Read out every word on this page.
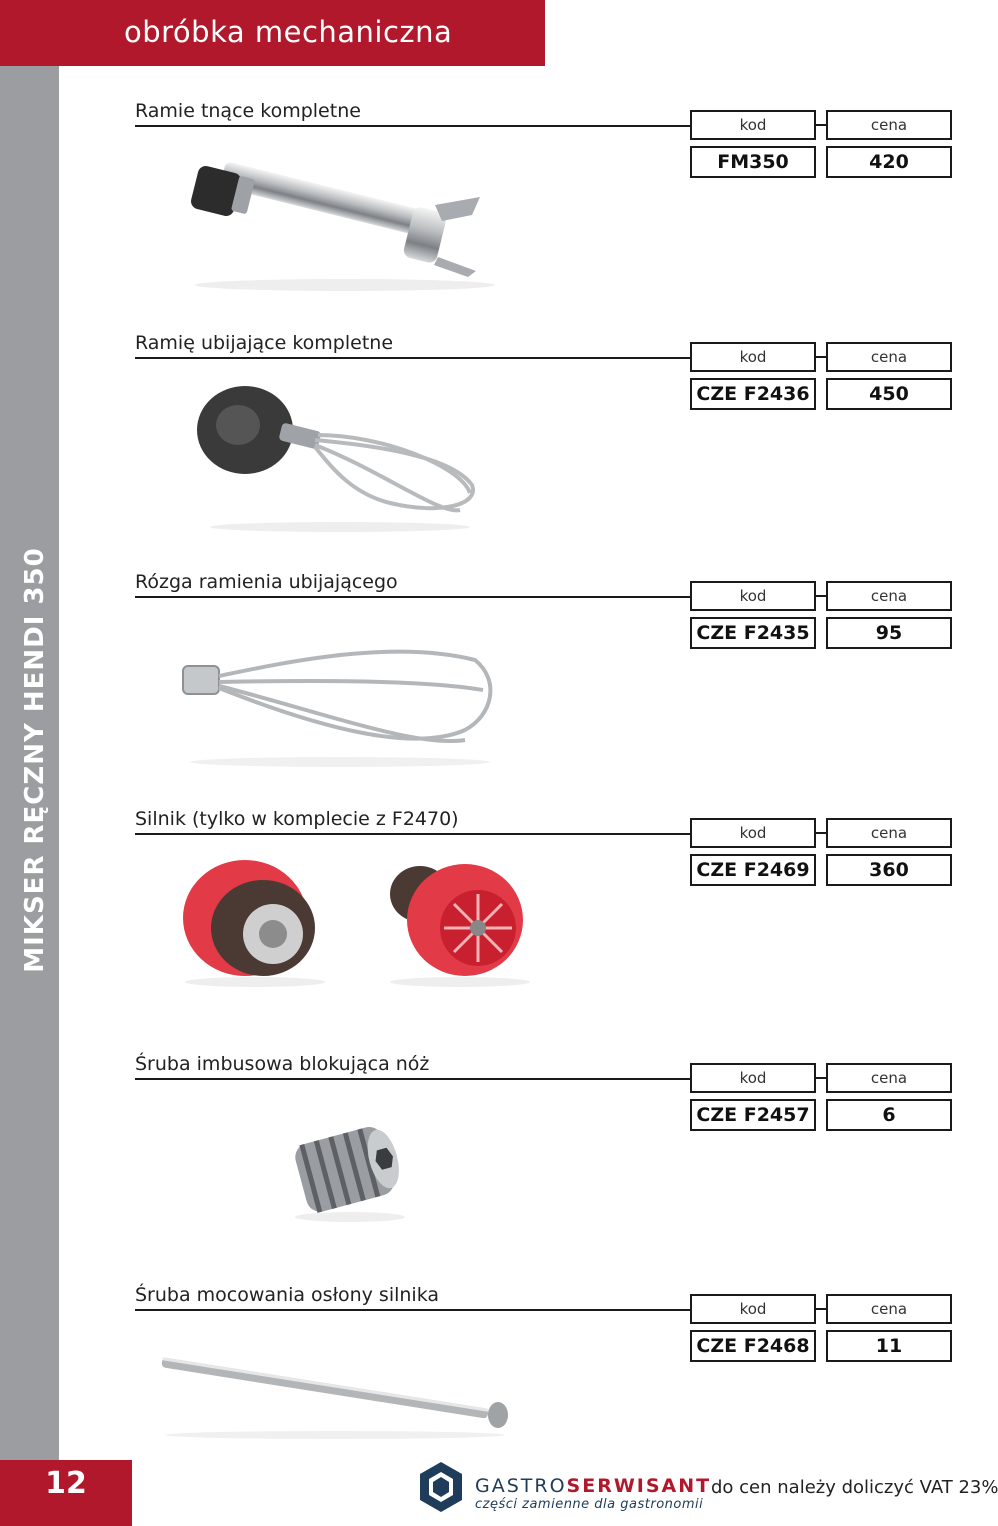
obróbka mechaniczna
MIKSER RĘCZNY HENDI 350
Ramie tnące kompletne
kod	cena
FM350	420
Ramię ubijające kompletne
kod	cena
CZE F2436	450
Rózga ramienia ubijającego
kod	cena
CZE F2435	95
Silnik (tylko w komplecie z F2470)
kod	cena
CZE F2469	360
Śruba imbusowa blokująca nóż
kod	cena
CZE F2457	6
Śruba mocowania osłony silnika
kod	cena
CZE F2468	11
12	GASTROSERWISANT
części zamienne dla gastronomii
do cen należy doliczyć VAT 23%
